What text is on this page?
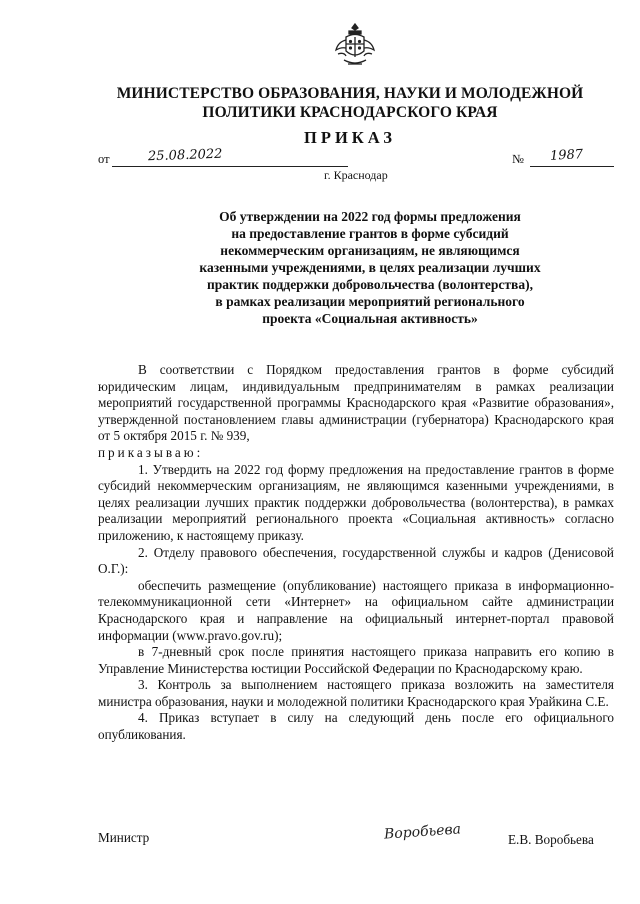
МИНИСТЕРСТВО ОБРАЗОВАНИЯ, НАУКИ И МОЛОДЕЖНОЙ
ПОЛИТИКИ КРАСНОДАРСКОГО КРАЯ
ПРИКАЗ
от	25.08.2022	№ 1987
г. Краснодар
Об утверждении на 2022 год формы предложения
на предоставление грантов в форме субсидий
некоммерческим организациям, не являющимся
казенными учреждениями, в целях реализации лучших
практик поддержки добровольчества (волонтерства),
в рамках реализации мероприятий регионального
проекта «Социальная активность»

В соответствии с Порядком предоставления грантов в форме субсидий юридическим лицам, индивидуальным предпринимателям в рамках реализации мероприятий государственной программы Краснодарского края «Развитие образования», утвержденной постановлением главы администрации (губернатора) Краснодарского края от 5 октября 2015 г. № 939,

приказываю:

1. Утвердить на 2022 год форму предложения на предоставление грантов в форме субсидий некоммерческим организациям, не являющимся казенными учреждениями, в целях реализации лучших практик поддержки добровольчества (волонтерства), в рамках реализации мероприятий регионального проекта «Социальная активность» согласно приложению, к настоящему приказу.

2. Отделу правового обеспечения, государственной службы и кадров (Денисовой О.Г.):

обеспечить размещение (опубликование) настоящего приказа в информационно-телекоммуникационной сети «Интернет» на официальном сайте администрации Краснодарского края и направление на официальный интернет-портал правовой информации (www.pravo.gov.ru);

в 7-дневный срок после принятия настоящего приказа направить его копию в Управление Министерства юстиции Российской Федерации по Краснодарскому краю.

3. Контроль за выполнением настоящего приказа возложить на заместителя министра образования, науки и молодежной политики Краснодарского края Урайкина С.Е.

4. Приказ вступает в силу на следующий день после его официального опубликования.

Министр	Воробьева	Е.В. Воробьева
